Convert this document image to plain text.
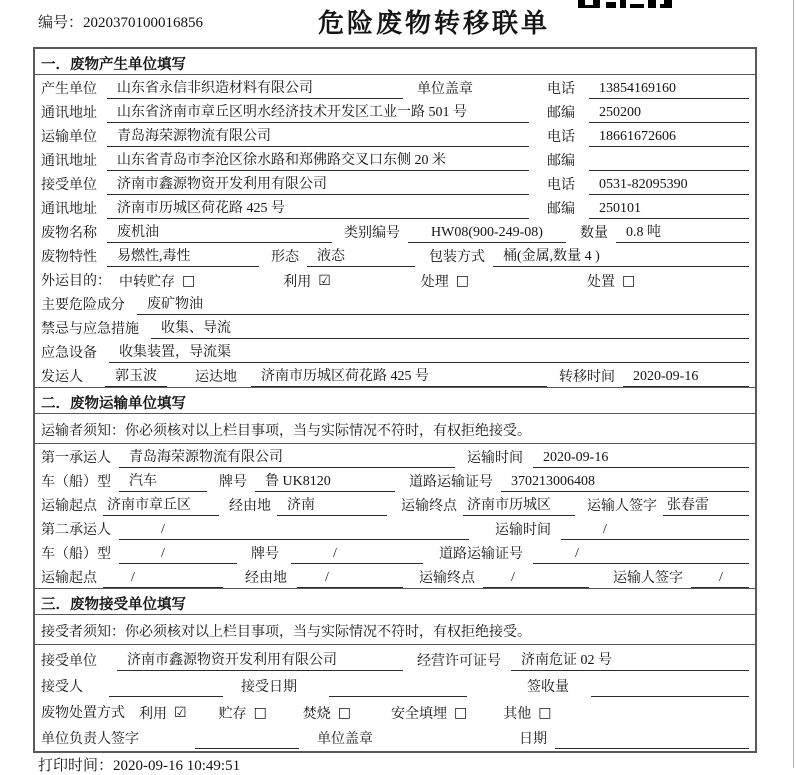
编号：2020370100016856	危险废物转移联单
一．废物产生单位填写
产生单位	山东省永信非织造材料有限公司	单位盖章	电话	13854169160
通讯地址	山东省济南市章丘区明水经济技术开发区工业一路 501 号	邮编	250200
运输单位	青岛海荣源物流有限公司	电话	18661672606
通讯地址	山东省青岛市李沧区徐水路和郑佛路交叉口东侧 20 米	邮编
接受单位	济南市鑫源物资开发利用有限公司	电话	0531-82095390
通讯地址	济南市历城区荷花路 425 号	邮编	250101
废物名称	废机油	类别编号	HW08(900-249-08)	数量	0.8 吨
废物特性	易燃性,毒性	形态	液态	包装方式	桶(金属,数量 4 )
外运目的： 中转贮存 □	利用 ☑	处理 □	处置 □
主要危险成分	废矿物油
禁忌与应急措施	收集、导流
应急设备	收集装置，导流渠
发运人	郭玉波	运达地	济南市历城区荷花路 425 号	转移时间	2020-09-16
二．废物运输单位填写
运输者须知：你必须核对以上栏目事项，当与实际情况不符时，有权拒绝接受。
第一承运人	青岛海荣源物流有限公司	运输时间	2020-09-16
车（船）型	汽车	牌号	鲁 UK8120	道路运输证号	370213006408
运输起点 济南市章丘区	经由地	济南	运输终点 济南市历城区	运输人签字 张春雷
第二承运人	/	运输时间	/
车（船）型	/	牌号	/	道路运输证号	/
运输起点	/	经由地	/	运输终点	/	运输人签字	/
三．废物接受单位填写
接受者须知：你必须核对以上栏目事项，当与实际情况不符时，有权拒绝接受。
接受单位	济南市鑫源物资开发利用有限公司	经营许可证号	济南危证 02 号
接受人	接受日期	签收量
废物处置方式 利用 ☑ 贮存 □	焚烧 □	安全填埋 □	其他 □
单位负责人签字	单位盖章	日期
打印时间：2020-09-16 10:49:51
